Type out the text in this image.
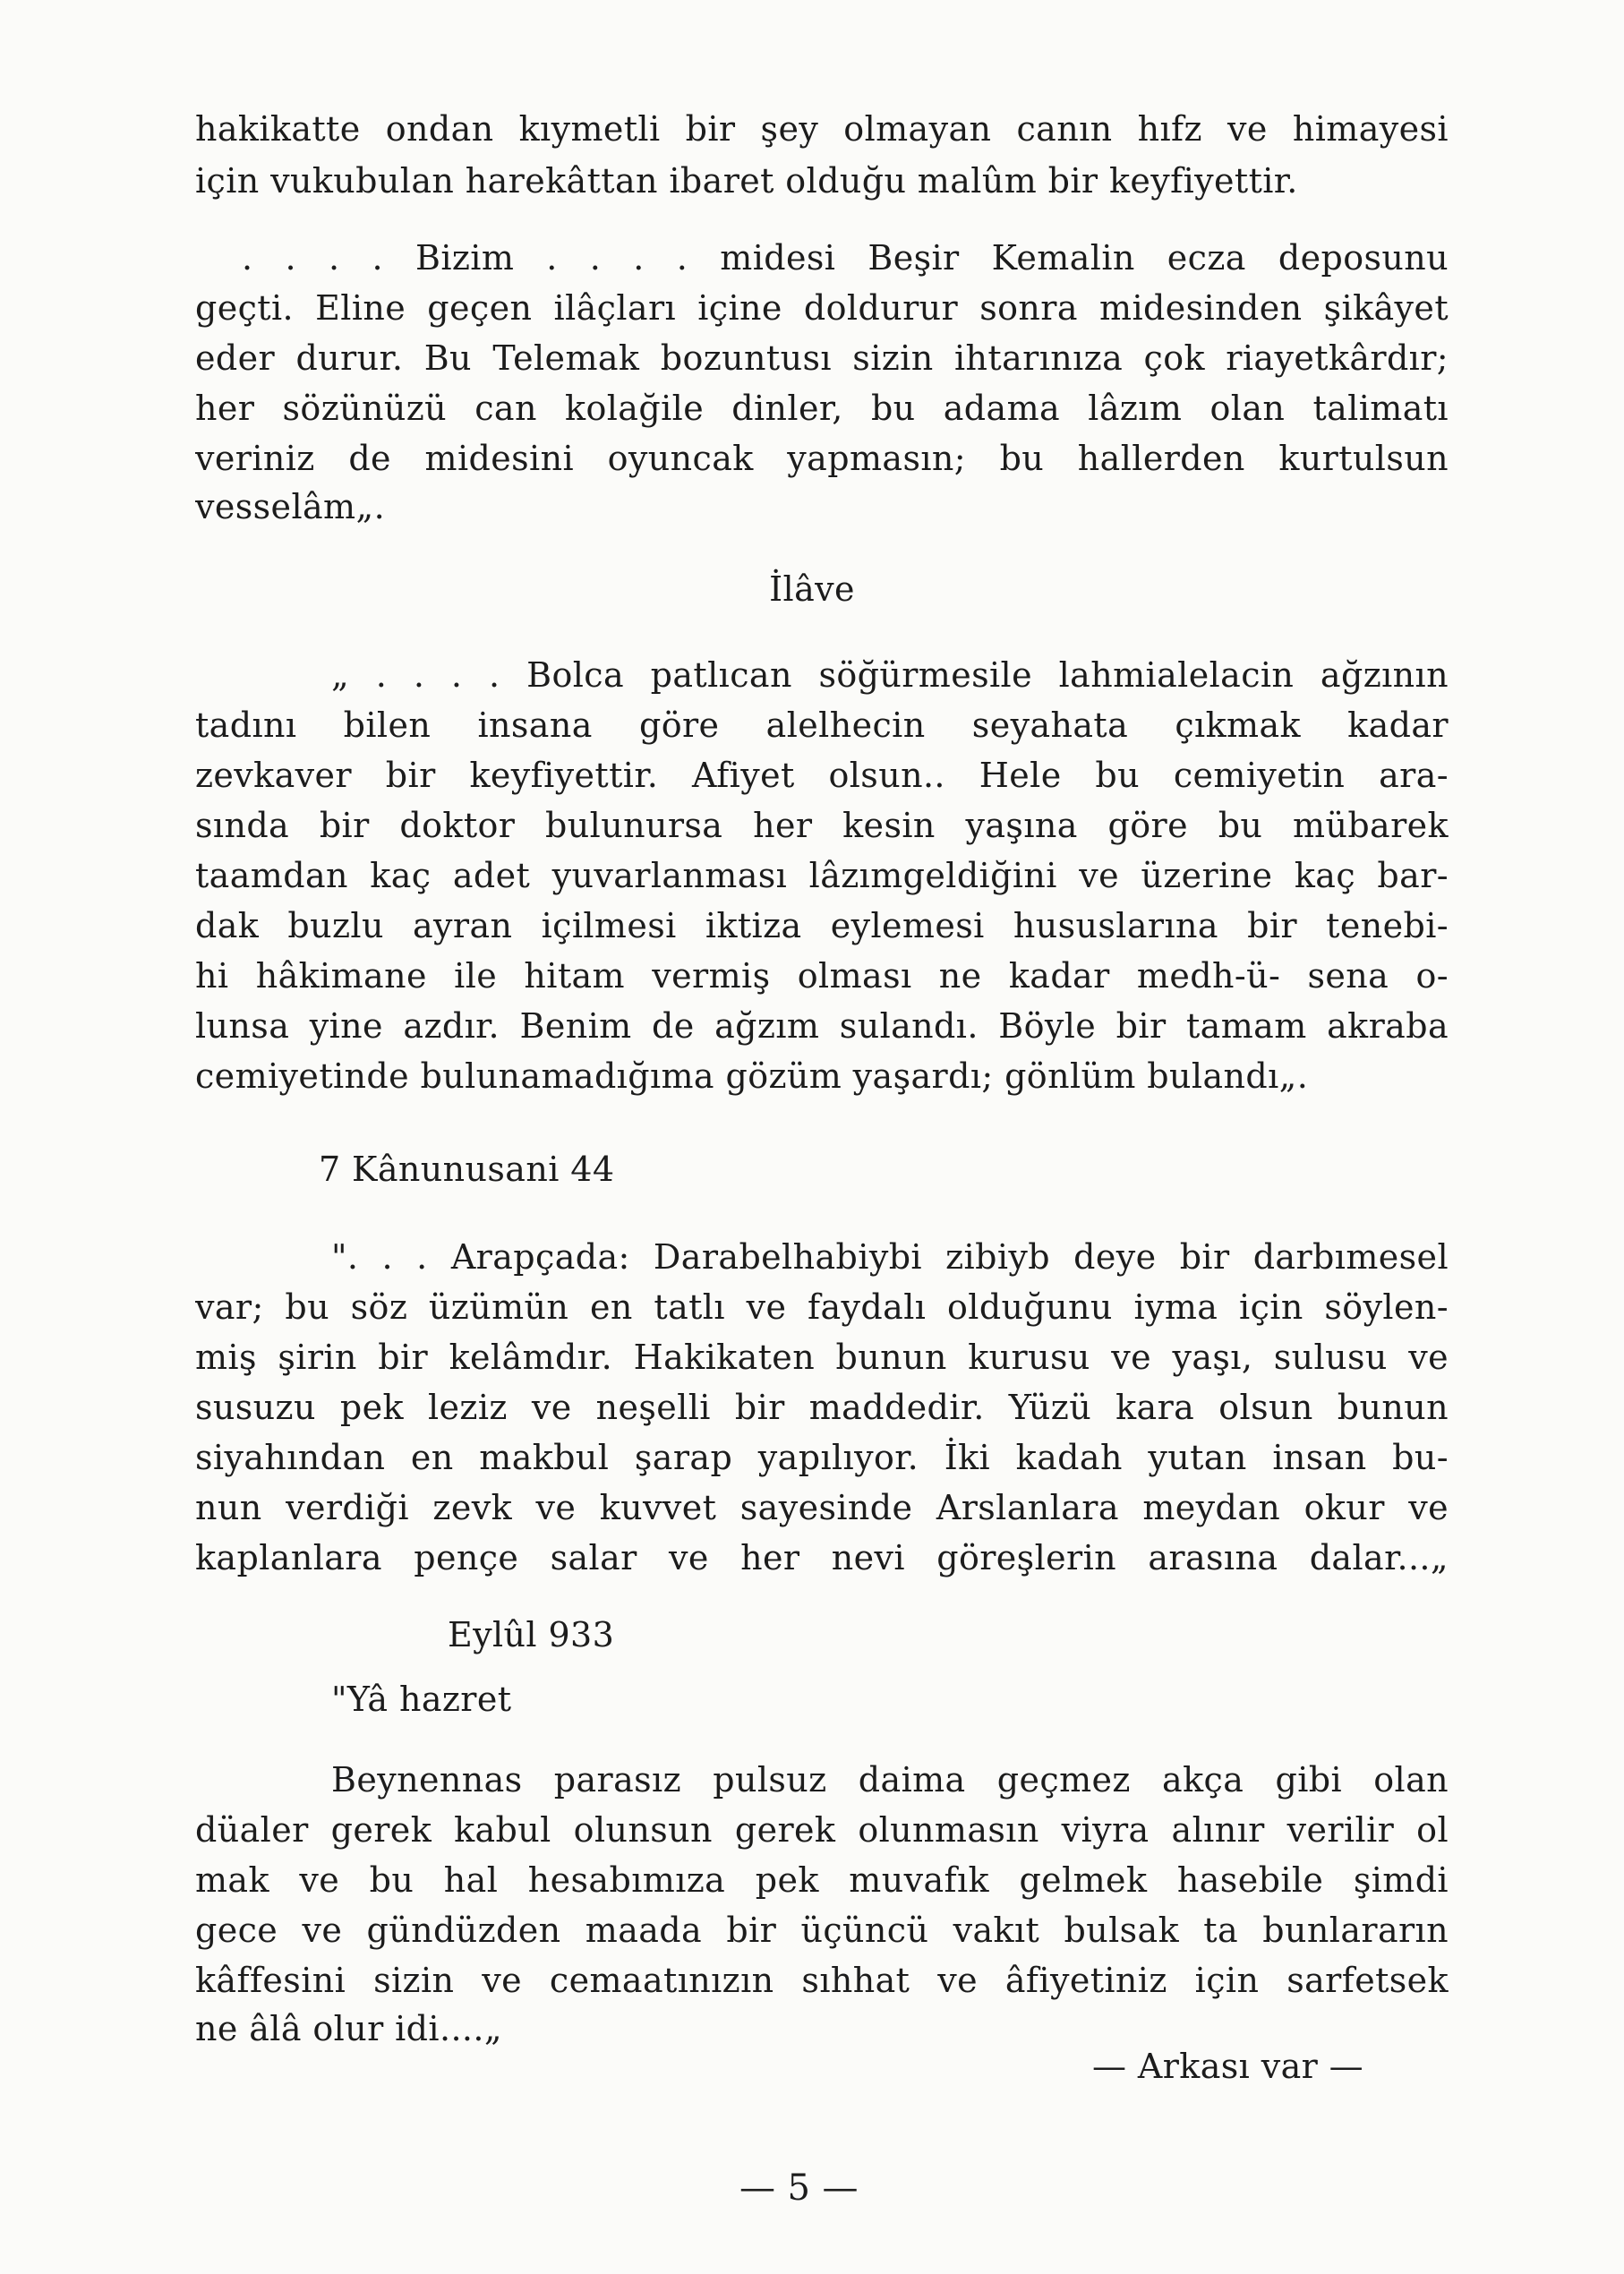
hakikatte ondan kıymetli bir şey olmayan canın hıfz ve himayesi
için vukubulan harekâttan ibaret olduğu malûm bir keyfiyettir.
. . . . Bizim . . . . midesi Beşir Kemalin ecza deposunu
geçti. Eline geçen ilâçları içine doldurur sonra midesinden şikâyet
eder durur. Bu Telemak bozuntusı sizin ihtarınıza çok riayetkârdır;
her sözünüzü can kolağile dinler, bu adama lâzım olan talimatı
veriniz de midesini oyuncak yapmasın; bu hallerden kurtulsun
vesselâm„.
İlâve
„ . . . . Bolca patlıcan söğürmesile lahmialelacin ağzının
tadını bilen insana göre alelhecin seyahata çıkmak kadar
zevkaver bir keyfiyettir. Afiyet olsun.. Hele bu cemiyetin ara-
sında bir doktor bulunursa her kesin yaşına göre bu mübarek
taamdan kaç adet yuvarlanması lâzımgeldiğini ve üzerine kaç bar-
dak buzlu ayran içilmesi iktiza eylemesi hususlarına bir tenebi-
hi hâkimane ile hitam vermiş olması ne kadar medh-ü- sena o-
lunsa yine azdır. Benim de ağzım sulandı. Böyle bir tamam akraba
cemiyetinde bulunamadığıma gözüm yaşardı; gönlüm bulandı„.
7 Kânunusani 44
". . . Arapçada: Darabelhabiybi zibiyb deye bir darbımesel
var; bu söz üzümün en tatlı ve faydalı olduğunu iyma için söylen-
miş şirin bir kelâmdır. Hakikaten bunun kurusu ve yaşı, sulusu ve
susuzu pek leziz ve neşelli bir maddedir. Yüzü kara olsun bunun
siyahından en makbul şarap yapılıyor. İki kadah yutan insan bu-
nun verdiği zevk ve kuvvet sayesinde Arslanlara meydan okur ve
kaplanlara pençe salar ve her nevi göreşlerin arasına dalar...„
Eylûl 933
"Yâ hazret
Beynennas parasız pulsuz daima geçmez akça gibi olan
düaler gerek kabul olunsun gerek olunmasın viyra alınır verilir ol
mak ve bu hal hesabımıza pek muvafık gelmek hasebile şimdi
gece ve gündüzden maada bir üçüncü vakıt bulsak ta bunlararın
kâffesini sizin ve cemaatınızın sıhhat ve âfiyetiniz için sarfetsek
ne âlâ olur idi....„
— Arkası var —
— 5 —
